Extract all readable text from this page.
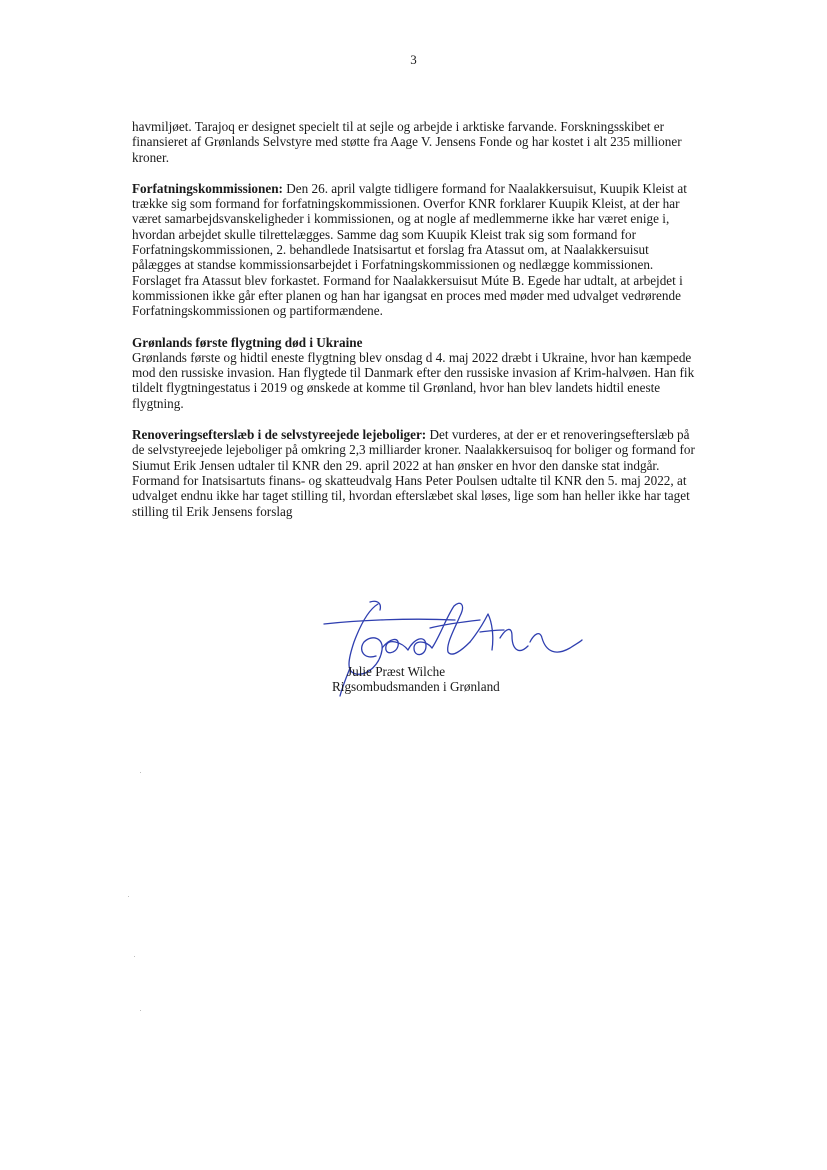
3

havmiljøet. Tarajoq er designet specielt til at sejle og arbejde i arktiske farvande. Forskningsskibet er finansieret af Grønlands Selvstyre med støtte fra Aage V. Jensens Fonde og har kostet i alt 235 millioner kroner.

Forfatningskommissionen: Den 26. april valgte tidligere formand for Naalakkersuisut, Kuupik Kleist at trække sig som formand for forfatningskommissionen. Overfor KNR forklarer Kuupik Kleist, at der har været samarbejdsvanskeligheder i kommissionen, og at nogle af medlemmerne ikke har været enige i, hvordan arbejdet skulle tilrettelægges. Samme dag som Kuupik Kleist trak sig som formand for Forfatningskommissionen, 2. behandlede Inatsisartut et forslag fra Atassut om, at Naalakkersuisut pålægges at standse kommissionsarbejdet i Forfatningskommissionen og nedlægge kommissionen. Forslaget fra Atassut blev forkastet. Formand for Naalakkersuisut Múte B. Egede har udtalt, at arbejdet i kommissionen ikke går efter planen og han har igangsat en proces med møder med udvalget vedrørende Forfatningskommissionen og partiformændene.

Grønlands første flygtning død i Ukraine
Grønlands første og hidtil eneste flygtning blev onsdag d 4. maj 2022 dræbt i Ukraine, hvor han kæmpede mod den russiske invasion. Han flygtede til Danmark efter den russiske invasion af Krim-halvøen. Han fik tildelt flygtningestatus i 2019 og ønskede at komme til Grønland, hvor han blev landets hidtil eneste flygtning.

Renoveringsefterslæb i de selvstyreejede lejeboliger: Det vurderes, at der er et renoveringsefterslæb på de selvstyreejede lejeboliger på omkring 2,3 milliarder kroner. Naalakkersuisoq for boliger og formand for Siumut Erik Jensen udtaler til KNR den 29. april 2022 at han ønsker en hvor den danske stat indgår. Formand for Inatsisartuts finans- og skatteudvalg Hans Peter Poulsen udtalte til KNR den 5. maj 2022, at udvalget endnu ikke har taget stilling til, hvordan efterslæbet skal løses, lige som han heller ikke har taget stilling til Erik Jensens forslag

Julie Præst Wilche
Rigsombudsmanden i Grønland
